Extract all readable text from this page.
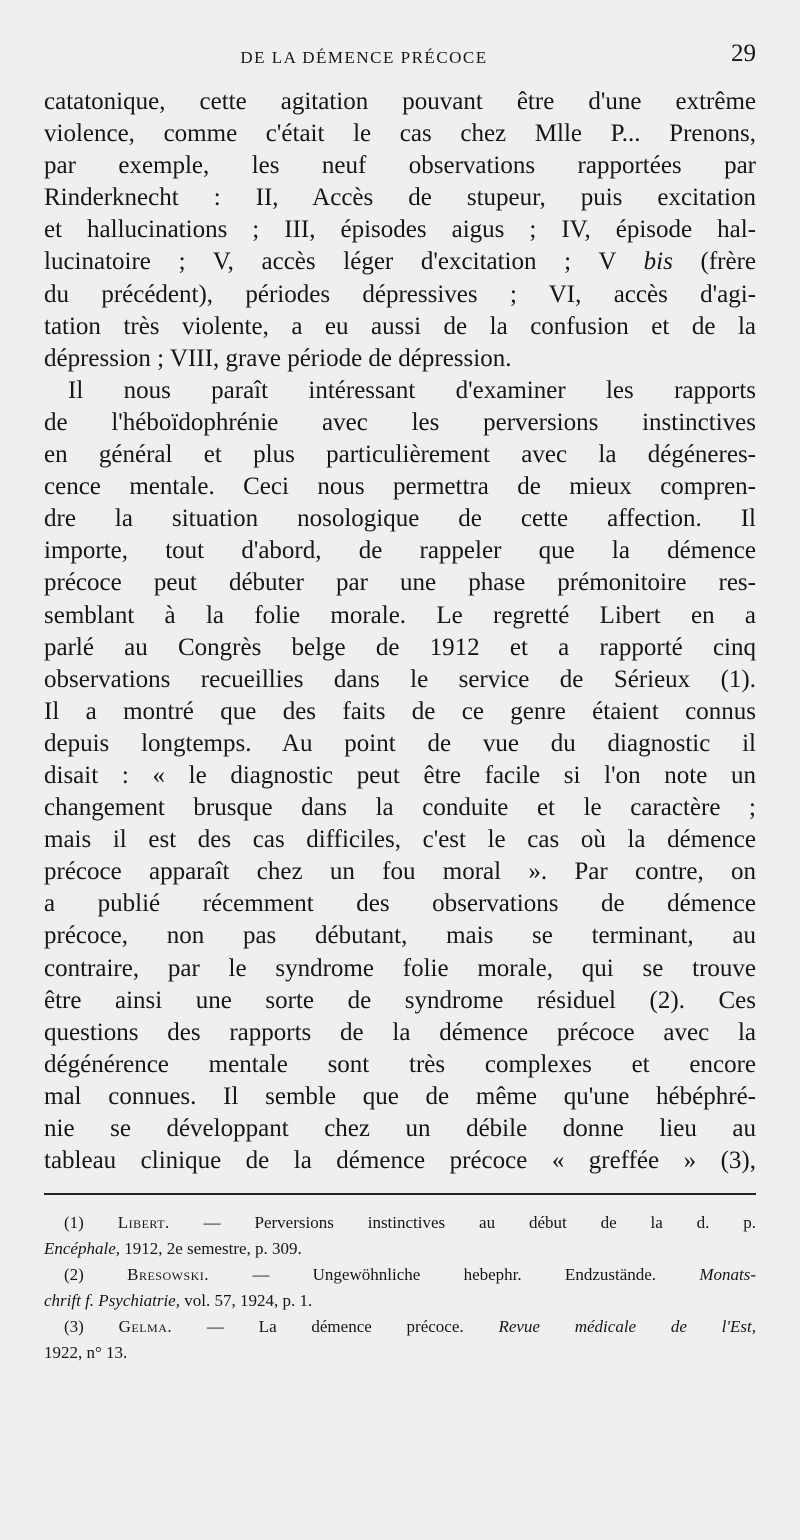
DE LA DÉMENCE PRÉCOCE	29
catatonique, cette agitation pouvant être d'une extrême
violence, comme c'était le cas chez Mlle P... Prenons,
par exemple, les neuf observations rapportées par
Rinderknecht : II, Accès de stupeur, puis excitation
et hallucinations ; III, épisodes aigus ; IV, épisode hal-
lucinatoire ; V, accès léger d'excitation ; V bis (frère
du précédent), périodes dépressives ; VI, accès d'agi-
tation très violente, a eu aussi de la confusion et de la
dépression ; VIII, grave période de dépression.
Il nous paraît intéressant d'examiner les rapports
de l'héboïdophrénie avec les perversions instinctives
en général et plus particulièrement avec la dégéneres-
cence mentale. Ceci nous permettra de mieux compren-
dre la situation nosologique de cette affection. Il
importe, tout d'abord, de rappeler que la démence
précoce peut débuter par une phase prémonitoire res-
semblant à la folie morale. Le regretté Libert en a
parlé au Congrès belge de 1912 et a rapporté cinq
observations recueillies dans le service de Sérieux (1).
Il a montré que des faits de ce genre étaient connus
depuis longtemps. Au point de vue du diagnostic il
disait : « le diagnostic peut être facile si l'on note un
changement brusque dans la conduite et le caractère ;
mais il est des cas difficiles, c'est le cas où la démence
précoce apparaît chez un fou moral ». Par contre, on
a publié récemment des observations de démence
précoce, non pas débutant, mais se terminant, au
contraire, par le syndrome folie morale, qui se trouve
être ainsi une sorte de syndrome résiduel (2). Ces
questions des rapports de la démence précoce avec la
dégénérence mentale sont très complexes et encore
mal connues. Il semble que de même qu'une hébéphré-
nie se développant chez un débile donne lieu au
tableau clinique de la démence précoce « greffée » (3),
(1) Libert. — Perversions instinctives au début de la d. p.
Encéphale, 1912, 2e semestre, p. 309.
(2)	Bresowski. — Ungewöhnliche hebephr. Endzustände. Monats-
chrift f. Psychiatrie, vol. 57, 1924, p. 1.
(3) Gelma. — La démence précoce. Revue médicale de l'Est,
1922, n° 13.
